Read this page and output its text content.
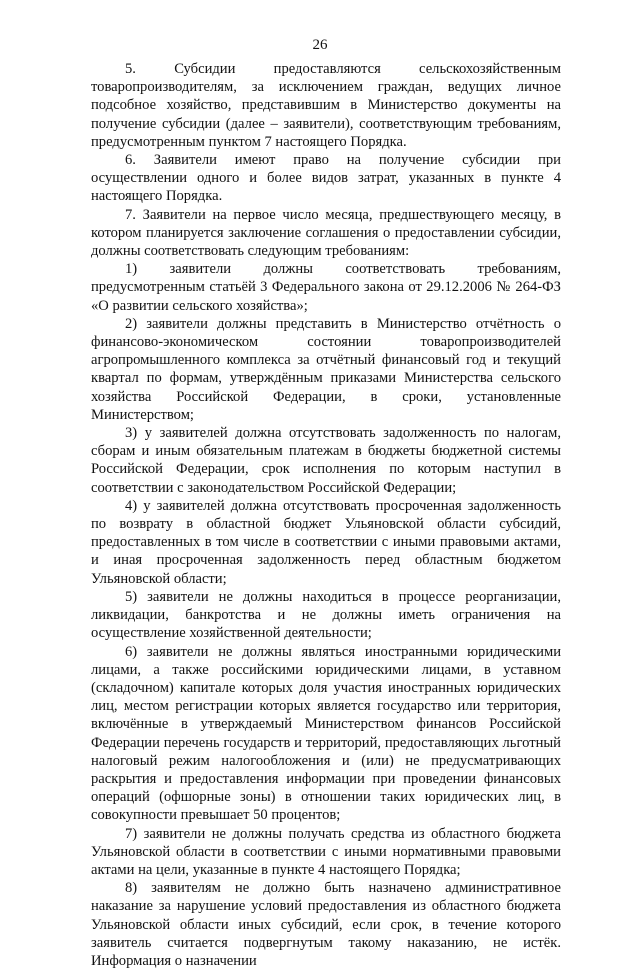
26

5. Субсидии предоставляются сельскохозяйственным товаропроизводителям, за исключением граждан, ведущих личное подсобное хозяйство, представившим в Министерство документы на получение субсидии (далее – заявители), соответствующим требованиям, предусмотренным пунктом 7 настоящего Порядка.

6. Заявители имеют право на получение субсидии при осуществлении одного и более видов затрат, указанных в пункте 4 настоящего Порядка.

7. Заявители на первое число месяца, предшествующего месяцу, в котором планируется заключение соглашения о предоставлении субсидии, должны соответствовать следующим требованиям:

1) заявители должны соответствовать требованиям, предусмотренным статьёй 3 Федерального закона от 29.12.2006 № 264-ФЗ «О развитии сельского хозяйства»;

2) заявители должны представить в Министерство отчётность о финансово-экономическом состоянии товаропроизводителей агропромышленного комплекса за отчётный финансовый год и текущий квартал по формам, утверждённым приказами Министерства сельского хозяйства Российской Федерации, в сроки, установленные Министерством;

3) у заявителей должна отсутствовать задолженность по налогам, сборам и иным обязательным платежам в бюджеты бюджетной системы Российской Федерации, срок исполнения по которым наступил в соответствии с законодательством Российской Федерации;

4) у заявителей должна отсутствовать просроченная задолженность по возврату в областной бюджет Ульяновской области субсидий, предоставленных в том числе в соответствии с иными правовыми актами, и иная просроченная задолженность перед областным бюджетом Ульяновской области;

5) заявители не должны находиться в процессе реорганизации, ликвидации, банкротства и не должны иметь ограничения на осуществление хозяйственной деятельности;

6) заявители не должны являться иностранными юридическими лицами, а также российскими юридическими лицами, в уставном (складочном) капитале которых доля участия иностранных юридических лиц, местом регистрации которых является государство или территория, включённые в утверждаемый Министерством финансов Российской Федерации перечень государств и территорий, предоставляющих льготный налоговый режим налогообложения и (или) не предусматривающих раскрытия и предоставления информации при проведении финансовых операций (офшорные зоны) в отношении таких юридических лиц, в совокупности превышает 50 процентов;

7) заявители не должны получать средства из областного бюджета Ульяновской области в соответствии с иными нормативными правовыми актами на цели, указанные в пункте 4 настоящего Порядка;

8) заявителям не должно быть назначено административное наказание за нарушение условий предоставления из областного бюджета Ульяновской области иных субсидий, если срок, в течение которого заявитель считается подвергнутым такому наказанию, не истёк. Информация о назначении
